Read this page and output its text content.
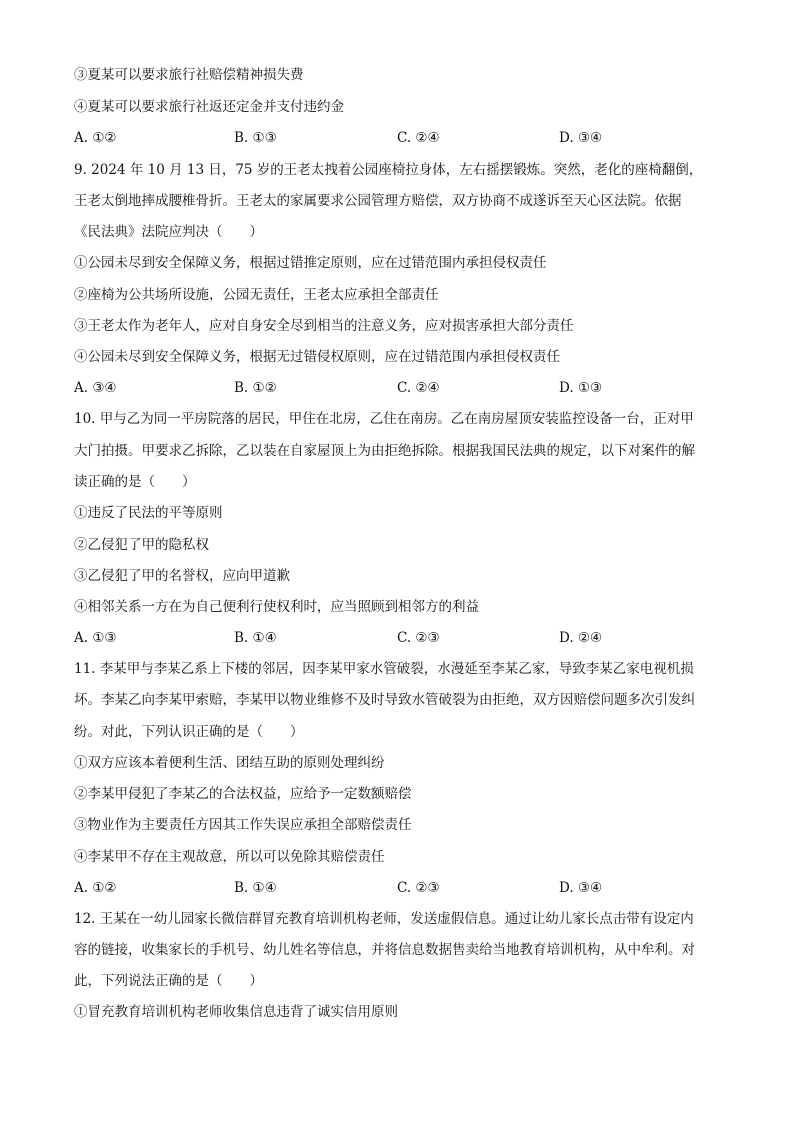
③夏某可以要求旅行社赔偿精神损失费
④夏某可以要求旅行社返还定金并支付违约金
A. ①②	B. ①③	C. ②④	D. ③④
9. 2024 年 10 月 13 日，75 岁的王老太拽着公园座椅拉身体，左右摇摆锻炼。突然，老化的座椅翻倒，
王老太倒地摔成腰椎骨折。王老太的家属要求公园管理方赔偿，双方协商不成遂诉至天心区法院。依据
《民法典》法院应判决（　　）
①公园未尽到安全保障义务，根据过错推定原则，应在过错范围内承担侵权责任
②座椅为公共场所设施，公园无责任，王老太应承担全部责任
③王老太作为老年人，应对自身安全尽到相当的注意义务，应对损害承担大部分责任
④公园未尽到安全保障义务，根据无过错侵权原则，应在过错范围内承担侵权责任
A. ③④	B. ①②	C. ②④	D. ①③
10. 甲与乙为同一平房院落的居民，甲住在北房，乙住在南房。乙在南房屋顶安装监控设备一台，正对甲
大门拍摄。甲要求乙拆除，乙以装在自家屋顶上为由拒绝拆除。根据我国民法典的规定，以下对案件的解
读正确的是（　　）
①违反了民法的平等原则
②乙侵犯了甲的隐私权
③乙侵犯了甲的名誉权，应向甲道歉
④相邻关系一方在为自己便利行使权利时，应当照顾到相邻方的利益
A. ①③	B. ①④	C. ②③	D. ②④
11. 李某甲与李某乙系上下楼的邻居，因李某甲家水管破裂，水漫延至李某乙家，导致李某乙家电视机损
坏。李某乙向李某甲索赔，李某甲以物业维修不及时导致水管破裂为由拒绝，双方因赔偿问题多次引发纠
纷。对此，下列认识正确的是（　　）
①双方应该本着便利生活、团结互助的原则处理纠纷
②李某甲侵犯了李某乙的合法权益，应给予一定数额赔偿
③物业作为主要责任方因其工作失误应承担全部赔偿责任
④李某甲不存在主观故意，所以可以免除其赔偿责任
A. ①②	B. ①④	C. ②③	D. ③④
12. 王某在一幼儿园家长微信群冒充教育培训机构老师，发送虚假信息。通过让幼儿家长点击带有设定内
容的链接，收集家长的手机号、幼儿姓名等信息，并将信息数据售卖给当地教育培训机构，从中牟利。对
此，下列说法正确的是（　　）
①冒充教育培训机构老师收集信息违背了诚实信用原则
